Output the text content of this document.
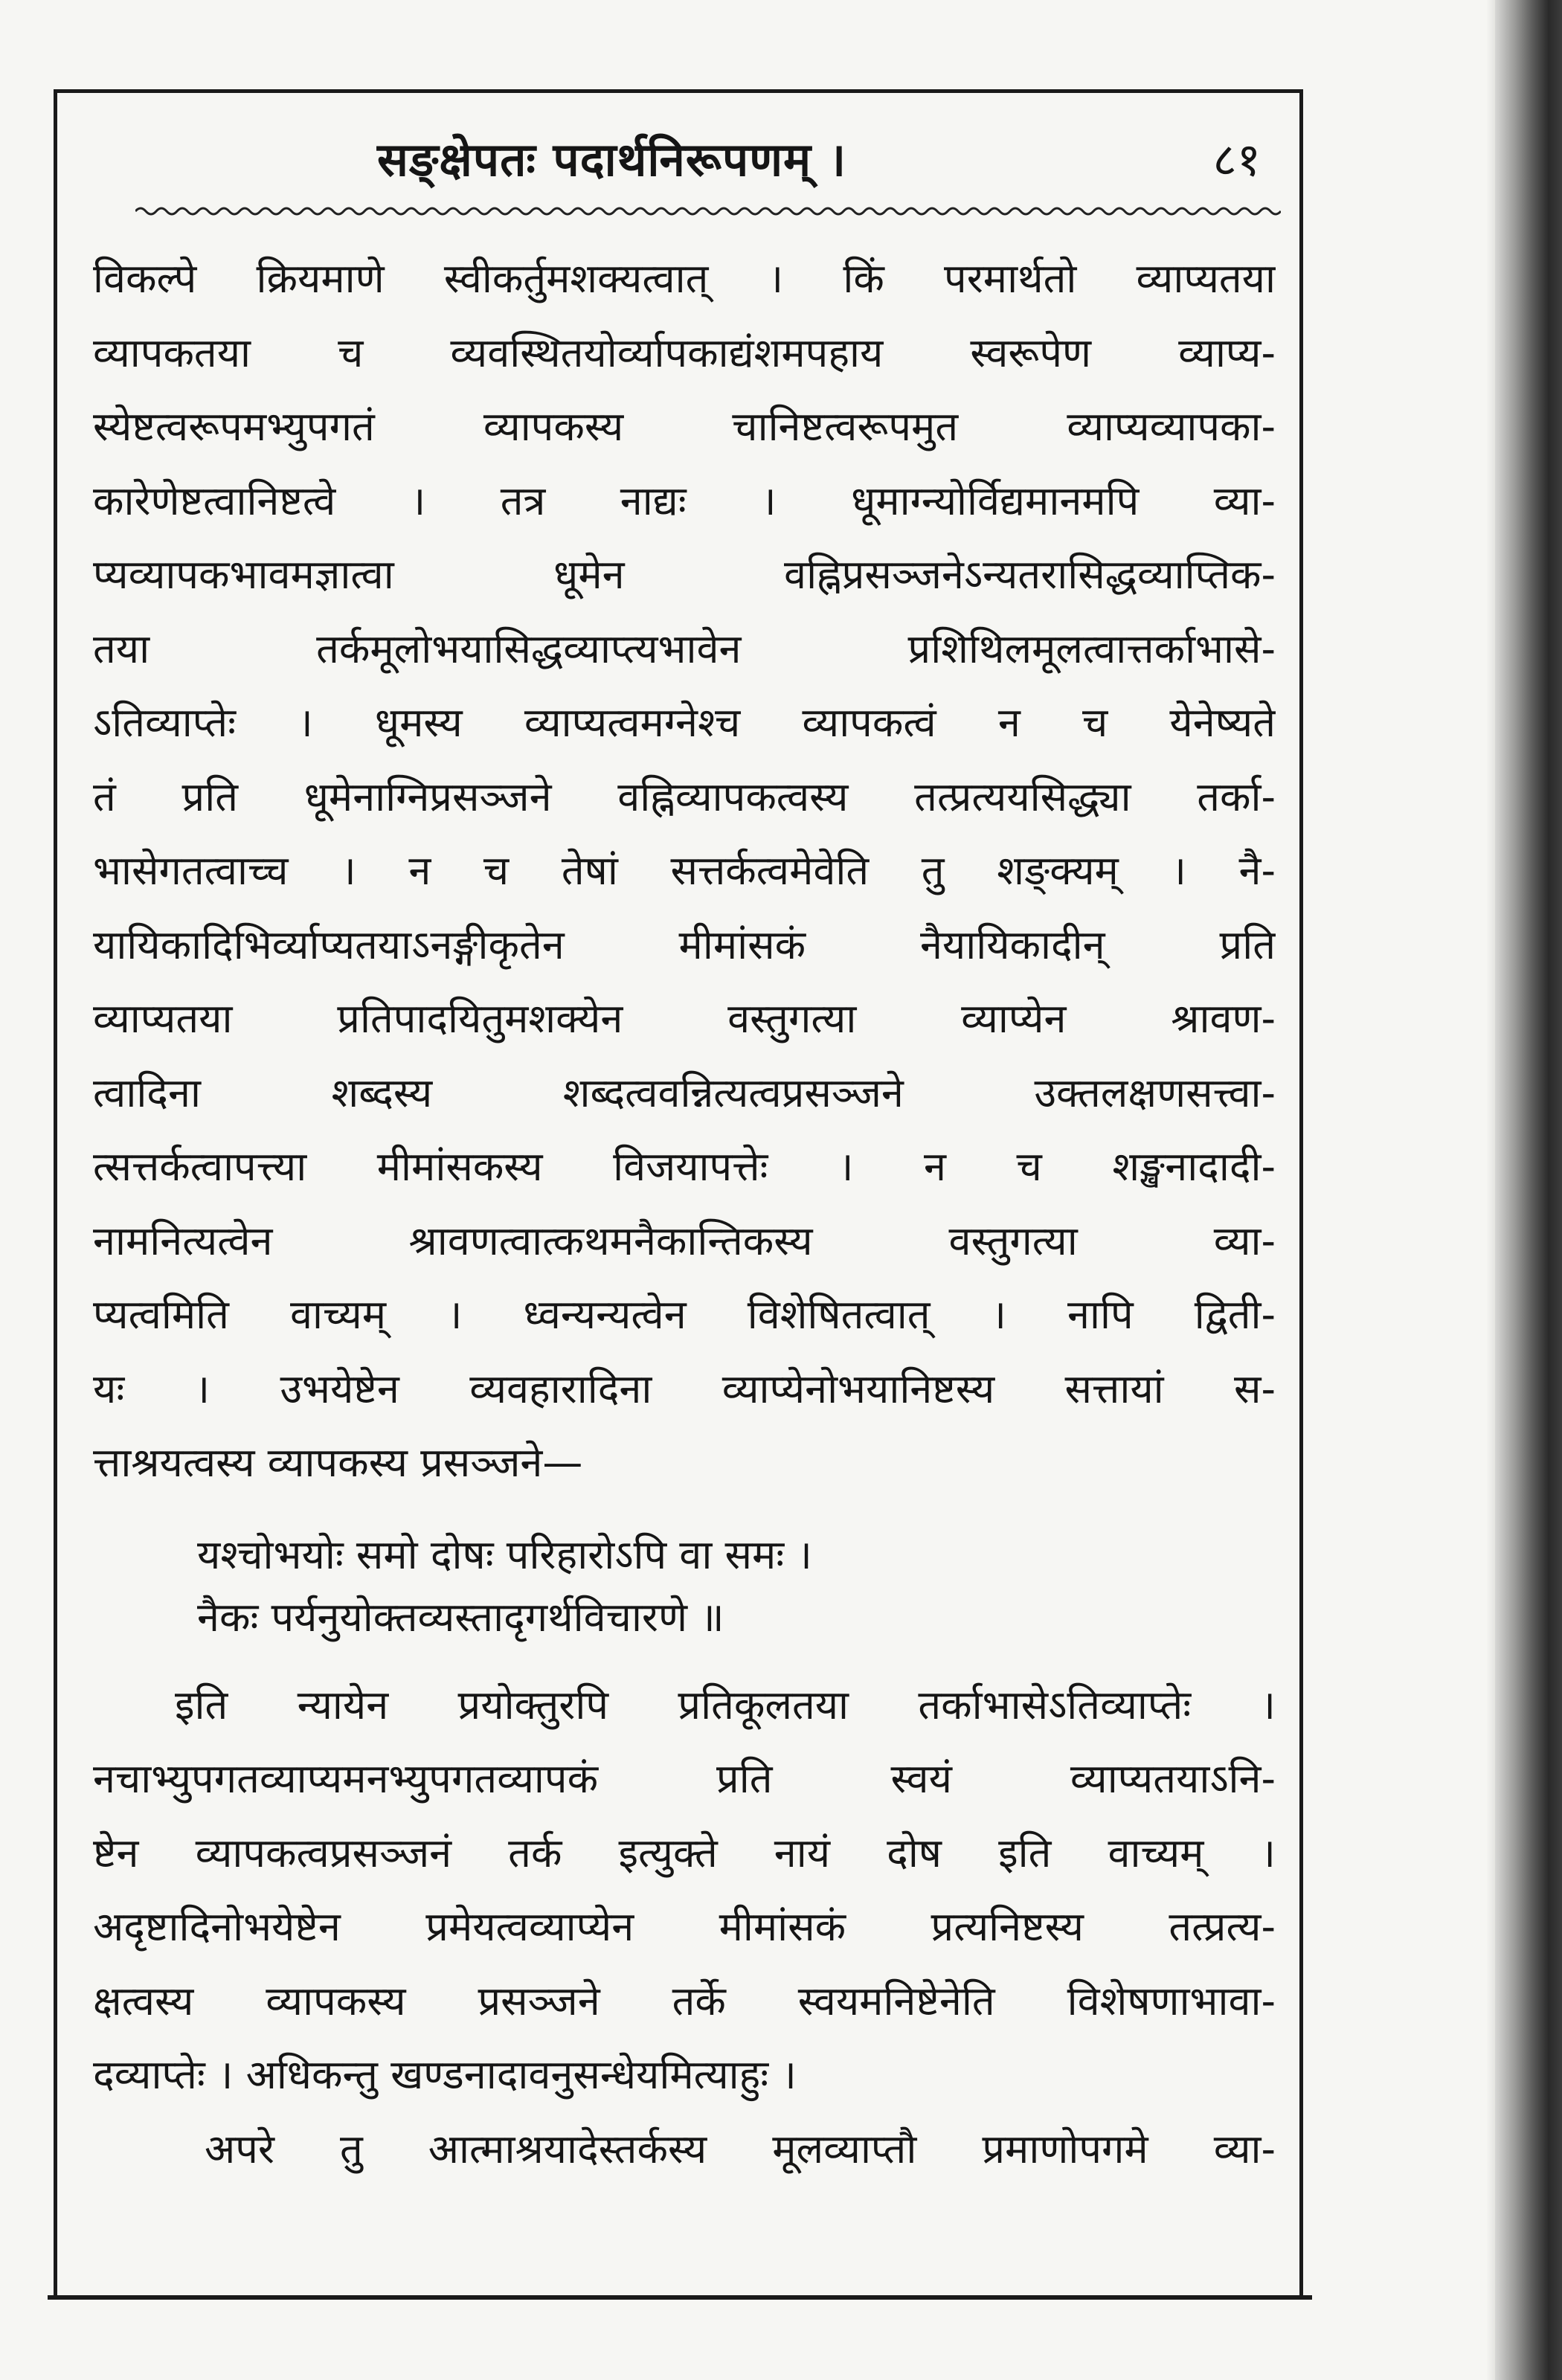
सङ्क्षेपतः पदार्थनिरूपणम् ।	८१
विकल्पे क्रियमाणे स्वीकर्तुमशक्यत्वात् । किं परमार्थतो व्याप्यतया
व्यापकतया च व्यवस्थितयोर्व्यापकाद्यंशमपहाय स्वरूपेण व्याप्य-
स्येष्टत्वरूपमभ्युपगतं व्यापकस्य चानिष्टत्वरूपमुत व्याप्यव्यापका-
कारेणेष्टत्वानिष्टत्वे । तत्र नाद्यः । धूमाग्न्योर्विद्यमानमपि व्या-
प्यव्यापकभावमज्ञात्वा धूमेन वह्निप्रसञ्जनेऽन्यतरासिद्धव्याप्तिक-
तया तर्कमूलोभयासिद्धव्याप्त्यभावेन प्रशिथिलमूलत्वात्तर्काभासे-
ऽतिव्याप्तेः । धूमस्य व्याप्यत्वमग्नेश्च व्यापकत्वं न च येनेष्यते
तं प्रति धूमेनाग्निप्रसञ्जने वह्निव्यापकत्वस्य तत्प्रत्ययसिद्ध्या तर्का-
भासेगतत्वाच्च । न च तेषां सत्तर्कत्वमेवेति तु शङ्क्यम् । नै-
यायिकादिभिर्व्याप्यतयाऽनङ्गीकृतेन मीमांसकं नैयायिकादीन् प्रति
व्याप्यतया प्रतिपादयितुमशक्येन वस्तुगत्या व्याप्येन श्रावण-
त्वादिना शब्दस्य शब्दत्ववन्नित्यत्वप्रसञ्जने उक्तलक्षणसत्त्वा-
त्सत्तर्कत्वापत्त्या मीमांसकस्य विजयापत्तेः । न च शङ्खनादादी-
नामनित्यत्वेन श्रावणत्वात्कथमनैकान्तिकस्य वस्तुगत्या व्या-
प्यत्वमिति वाच्यम् । ध्वन्यन्यत्वेन विशेषितत्वात् । नापि द्विती-
यः । उभयेष्टेन व्यवहारादिना व्याप्येनोभयानिष्टस्य सत्तायां स-
त्ताश्रयत्वस्य व्यापकस्य प्रसञ्जने—
यश्चोभयोः समो दोषः परिहारोऽपि वा समः ।
नैकः पर्यनुयोक्तव्यस्तादृगर्थविचारणे ॥
इति न्यायेन प्रयोक्तुरपि प्रतिकूलतया तर्काभासेऽतिव्याप्तेः ।
नचाभ्युपगतव्याप्यमनभ्युपगतव्यापकं प्रति स्वयं व्याप्यतयाऽनि-
ष्टेन व्यापकत्वप्रसञ्जनं तर्क इत्युक्ते नायं दोष इति वाच्यम् ।
अदृष्टादिनोभयेष्टेन प्रमेयत्वव्याप्येन मीमांसकं प्रत्यनिष्टस्य तत्प्रत्य-
क्षत्वस्य व्यापकस्य प्रसञ्जने तर्के स्वयमनिष्टेनेति विशेषणाभावा-
दव्याप्तेः । अधिकन्तु खण्डनादावनुसन्धेयमित्याहुः ।
अपरे तु आत्माश्रयादेस्तर्कस्य मूलव्याप्तौ प्रमाणोपगमे व्या-
